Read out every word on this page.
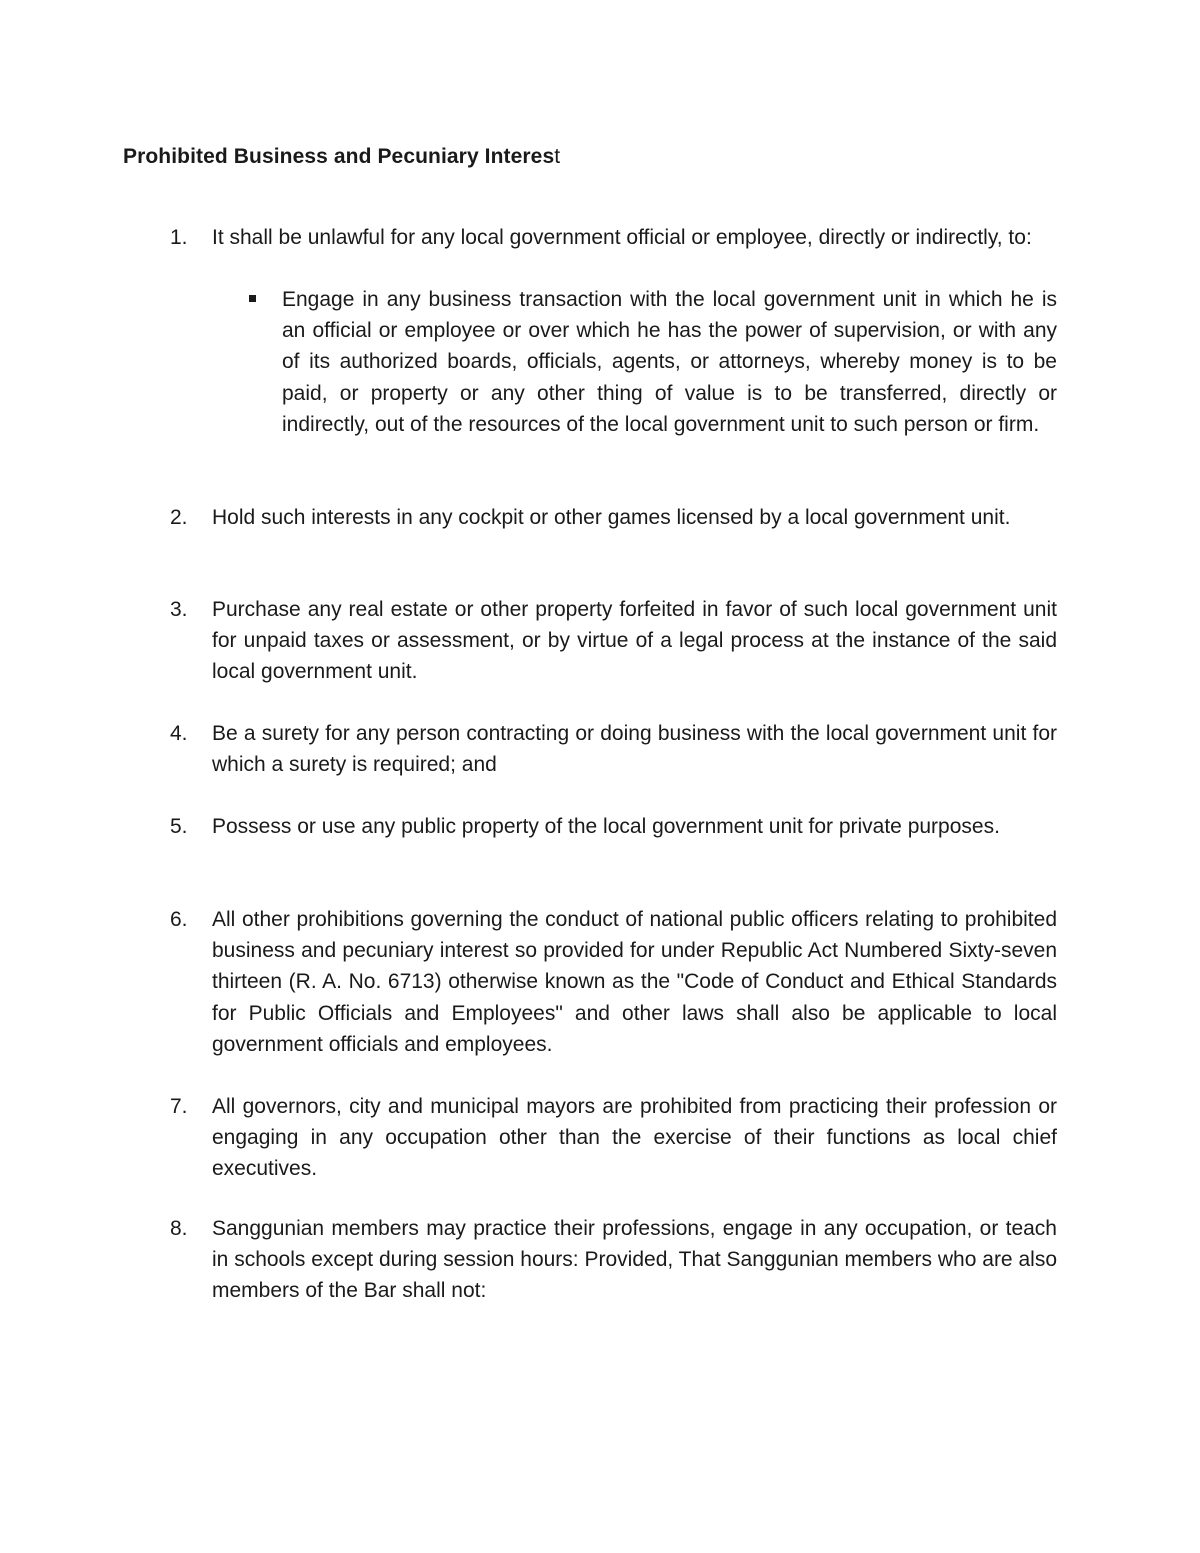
Prohibited Business and Pecuniary Interest
1.	It shall be unlawful for any local government official or employee, directly or indirectly, to:
Engage in any business transaction with the local government unit in which he is an official or employee or over which he has the power of supervision, or with any of its authorized boards, officials, agents, or attorneys, whereby money is to be paid, or property or any other thing of value is to be transferred, directly or indirectly, out of the resources of the local government unit to such person or firm.
2.	Hold such interests in any cockpit or other games licensed by a local government unit.
3.	Purchase any real estate or other property forfeited in favor of such local government unit for unpaid taxes or assessment, or by virtue of a legal process at the instance of the said local government unit.
4.	Be a surety for any person contracting or doing business with the local government unit for which a surety is required; and
5.	Possess or use any public property of the local government unit for private purposes.
6.	All other prohibitions governing the conduct of national public officers relating to prohibited business and pecuniary interest so provided for under Republic Act Numbered Sixty-seven thirteen (R. A. No. 6713) otherwise known as the "Code of Conduct and Ethical Standards for Public Officials and Employees" and other laws shall also be applicable to local government officials and employees.
7.	All governors, city and municipal mayors are prohibited from practicing their profession or engaging in any occupation other than the exercise of their functions as local chief executives.
8.	Sanggunian members may practice their professions, engage in any occupation, or teach in schools except during session hours: Provided, That Sanggunian members who are also members of the Bar shall not:
